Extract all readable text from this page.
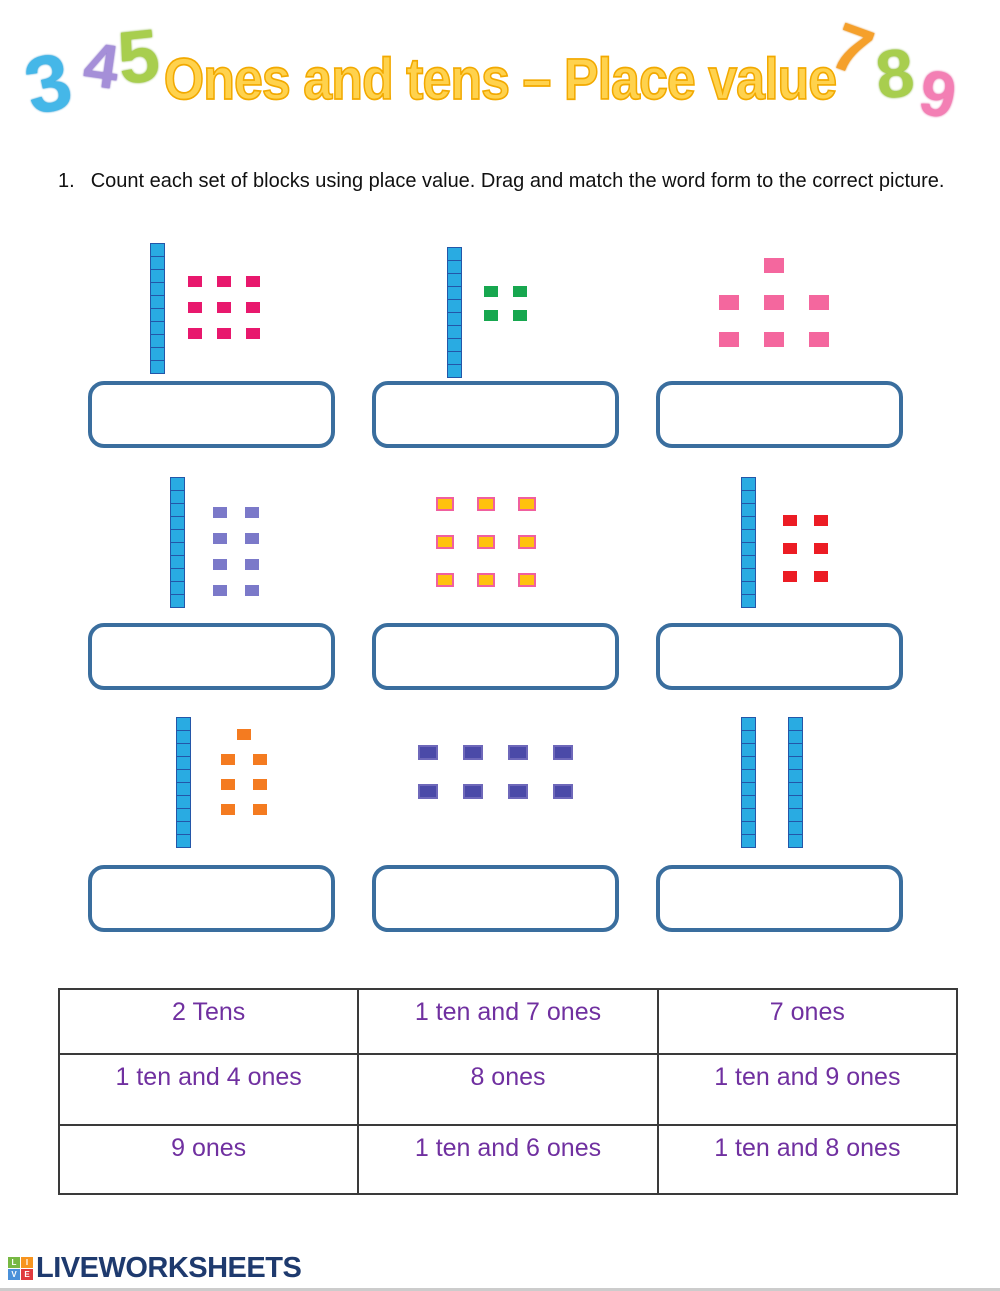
3 4
5	7
8
9
Ones and tens – Place value
1. Count each set of blocks using place value. Drag and match the word form to the correct picture.
2 Tens	1 ten and 7 ones	7 ones
1 ten and 4 ones	8 ones	1 ten and 9 ones
9 ones	1 ten and 6 ones	1 ten and 8 ones
L	I
V E LIVEWORKSHEETS
